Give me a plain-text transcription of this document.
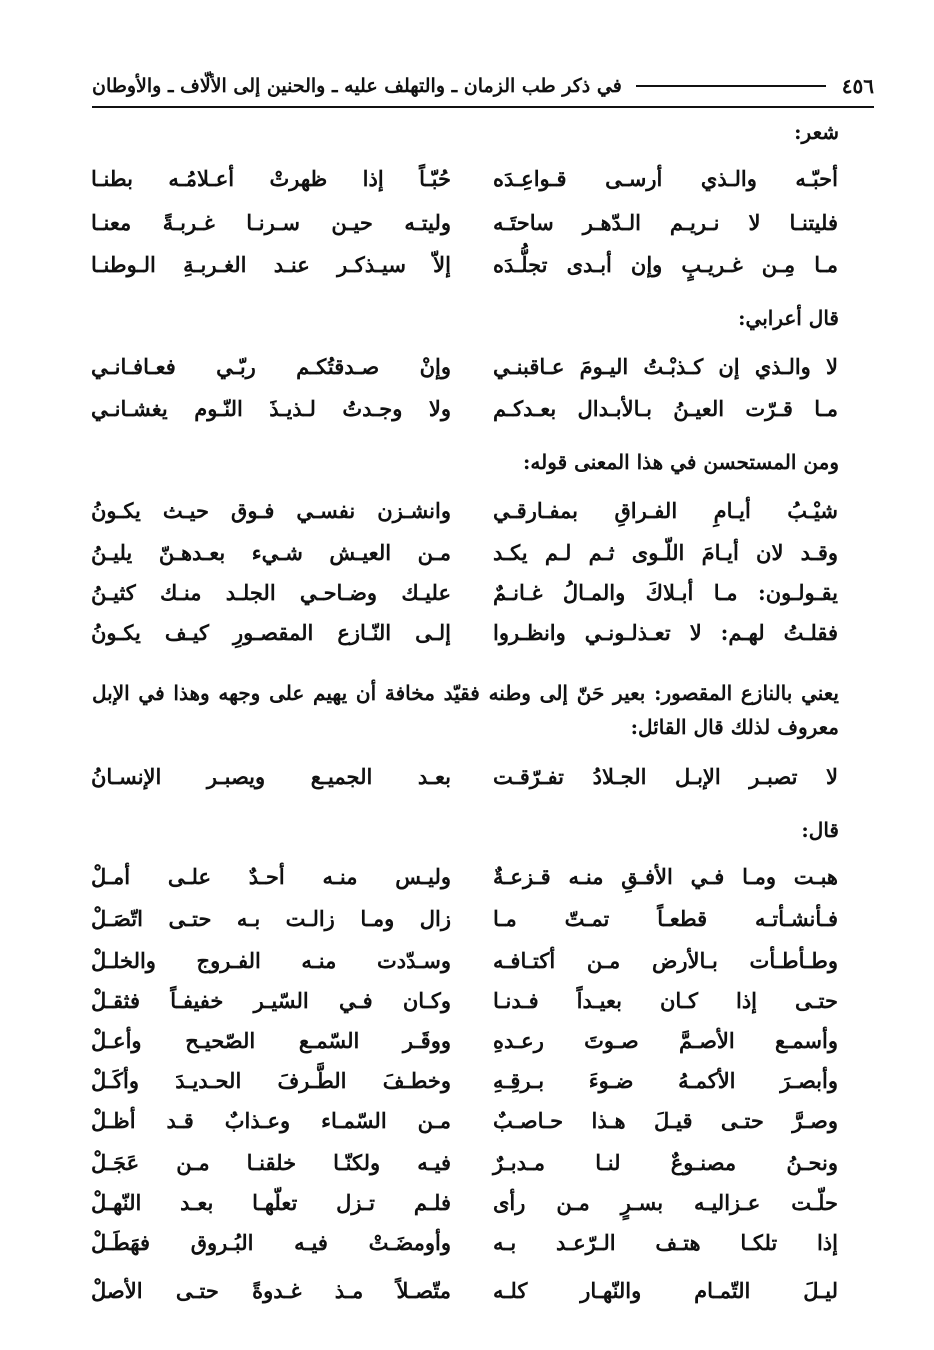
٤٥٦
في ذكر طب الزمان ـ والتهلف عليه ـ والحنين إلى الألّاف ـ والأوطان
شعر:
أحبّـه والـذي أرسـى قـواعِـدَه
حُبّـاً إذا ظهرتْ أعـلامُـه بطنـا
فليتنـا لا نـريـم الـدّهـر ساحتَـه
وليتـه حيـن سـرنـا غـربـةً معنـا
مـا مِـن غـريـبٍ وإن أبـدى تجلُّـدَه
إلاّ سيـذكـر عنـد الغـربـةِ الـوطنـا
قال أعرابي:
لا والـذي إن كـذبْـتُ اليـومَ عـاقبنـي
وإنْ صـدقتُكـم ربّـي فعـافـانـي
مـا قـرّت العيـنُ بـالأبـدال بعـدكـم
ولا وجـدتُ لـذيـذَ النّـوم يغشـانـي
ومن المستحسن في هذا المعنى قوله:
شيْـبُ أيـامِ الفـراقِ بمفـارقـي
وانشـزن نفسـي فـوق حيـث يكـونُ
وقـد لان أيـامَ اللّـوى ثـم لـم يكـد
مـن العيـش شـيء بعـدهـنّ يليـنُ
يقـولـون: مـا أبـلاكَ والمـالُ غـانـمٌ
عليـك وضـاحـي الجلـد منـك كثيـنُ
فقلـتُ لهـم: لا تعـذلـونـي وانظـروا
إلـى النّـازع المقصـورِ كيـف يكـونُ
يعني بالنازع المقصور: بعير حَنّ إلى وطنه فقيّد مخافة أن يهيم على وجهه وهذا في الإبل معروف لذلك قال القائل:
لا تصبـر الإبـل الجـلادُ تفـرّقـت
بعـد الجميـع ويصبـر الإنسـانُ
قال:
هبـت ومـا فـي الأفـقِ منـه قـزعـةٌ
وليـس منـه أحـدٌ علـى أمـلْ
فـأنشـأتـه قطعـاً تمـتّ مـا
زال ومـا زالـت بـه حتـى اتّصَـلْ
وطـأطـأت بـالأرض مـن أكتـافـه
وسـدّدت منـه الفـروج والخلـلْ
حتـى إذا كـان بعيـداً فـدنـا
وكـان فـي السّيـر خفيفـاً فثقـلْ
وأسمـع الأصـمَّ صـوتَ رعـدهِ
ووقَـر السّمـع الصّحيـح وأعـلْ
وأبصـرَ الأكمـهُ ضـوءَ بـرقِـهِ
وخطـفَ الطَّـرفَ الحـديـدَ وأكَـلْ
وصـرَّ حتـى قيـلَ هـذا حـاصـبٌ
مـن السّمـاء وعـذابٌ قـد أظـلْ
ونحـنُ مصنـوعٌ لنـا مـدبـرٌ
فيـه ولكنّـا خلقنـا مـن عَجَـلْ
حلّـت عـزاليـه بسـرٍ مـن رأى
فلـم تـزل تعلّهـا بعـد النّهـلْ
إذا تلكـا هتـف الـرّعـد بـه
وأومضَـتْ فيـه البُـروق فهَطَـلْ
ليـلَ التّمـام والنّهـار كلـه
متّصـلاً مـذ غـدوةً حتـى الأصلْ
